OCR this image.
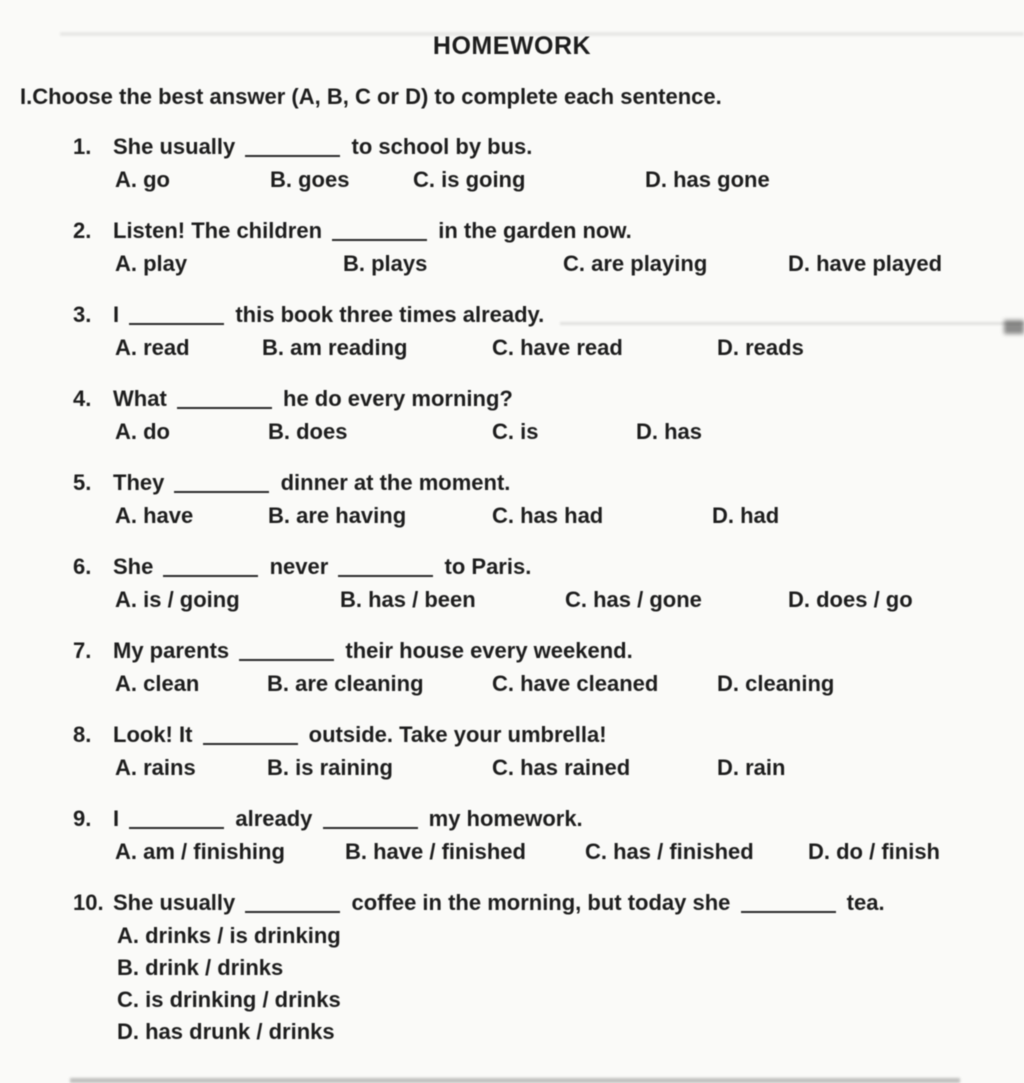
HOMEWORK
I.Choose the best answer (A, B, C or D) to complete each sentence.
1. She usually	to school by bus.
A. go	B. goes	C. is going	D. has gone
2. Listen! The children	in the garden now.
A. play	B. plays	C. are playing	D. have played
3. I	this book three times already.
A. read	B. am reading	C. have read	D. reads
4. What	he do every morning?
A. do	B. does	C. is	D. has
5. They	dinner at the moment.
A. have	B. are having	C. has had	D. had
6. She	never	to Paris.
A. is / going	B. has / been	C. has / gone	D. does / go
7. My parents	their house every weekend.
A. clean	B. are cleaning	C. have cleaned	D. cleaning
8. Look! It	outside. Take your umbrella!
A. rains	B. is raining	C. has rained	D. rain
9. I	already	my homework.
A. am / finishing	B. have / finished	C. has / finished D. do / finish
10. She usually	coffee in the morning, but today she	tea.
A. drinks / is drinking
B. drink / drinks
C. is drinking / drinks
D. has drunk / drinks
